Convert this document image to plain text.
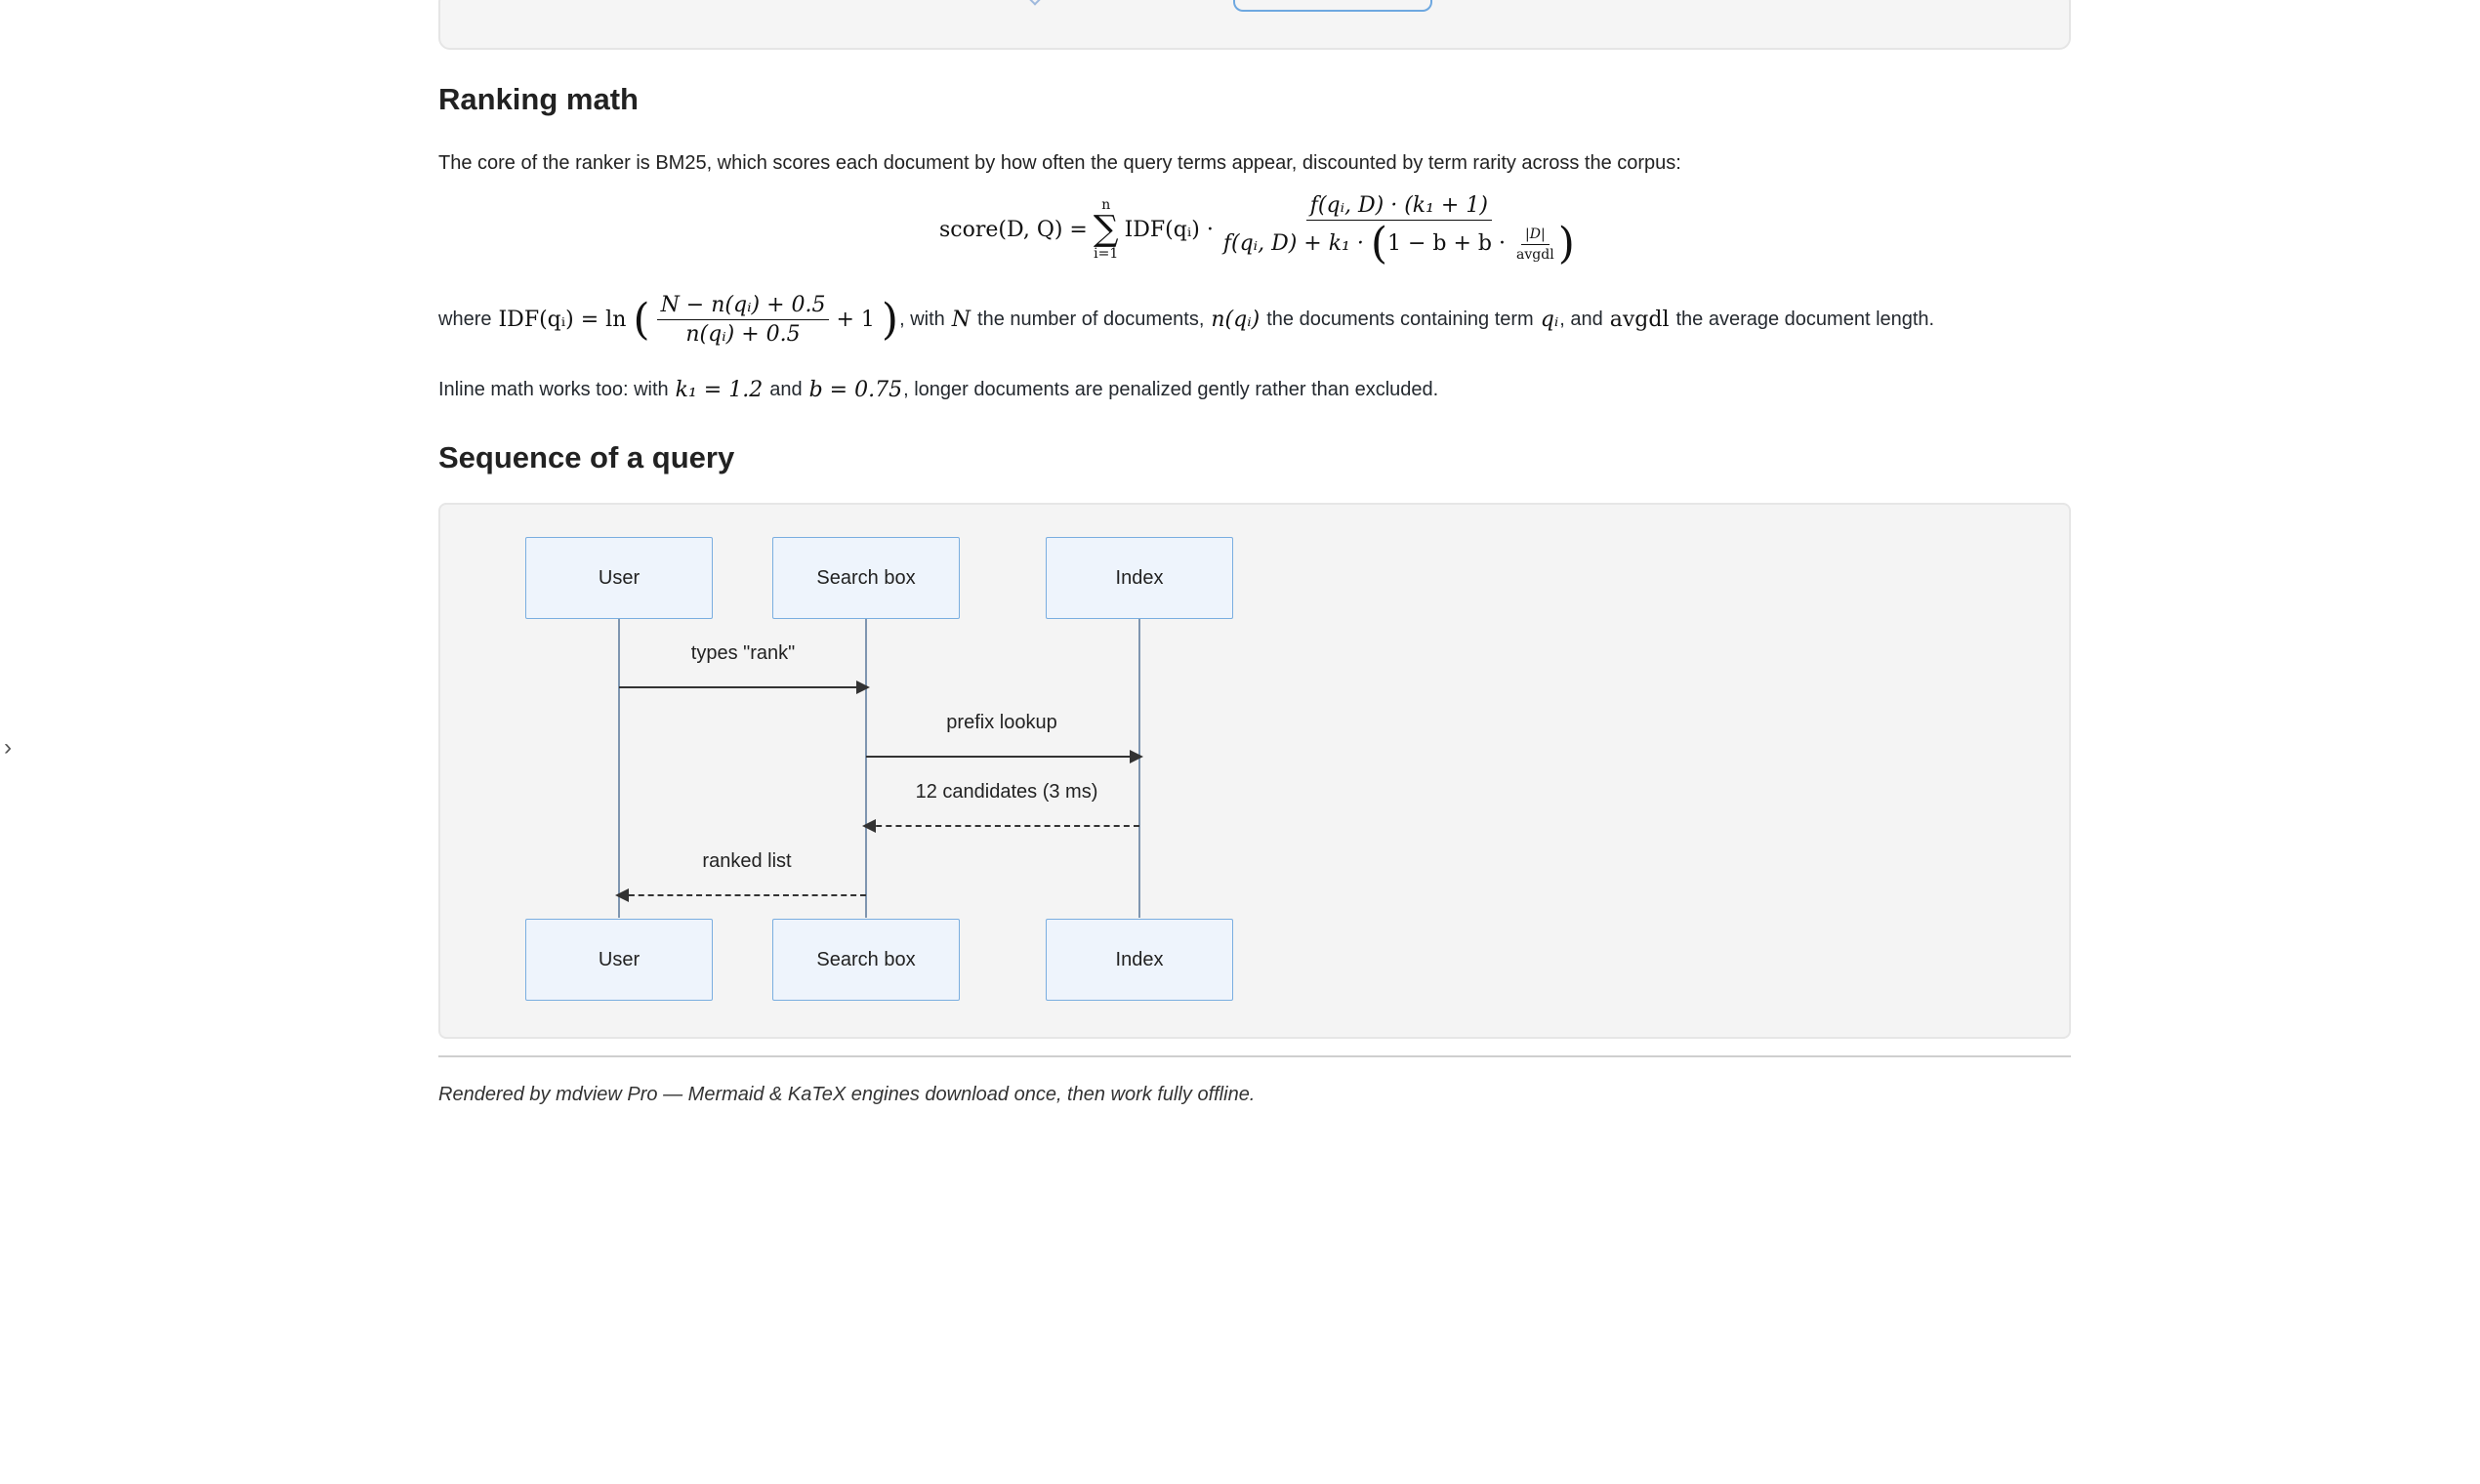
›
Ranking math

The core of the ranker is BM25, which scores each document by how often the query terms appear, discounted by term rarity across the corpus:

score(D, Q) =
n
∑
i=1
IDF(qᵢ) ·
f(qᵢ, D) · (k₁ + 1)
f(qᵢ, $D) + k_1 \cdot (1 - b + b \cdot \frac{|D|}{\text{avgdl}}$ )
where IDF(qᵢ) = ln ( $\frac{\text{N − n(qᵢ) + 0.5}}{\text{n(qᵢ) + 0.5}} + 1$ ) , with N the number of documents, n(qᵢ) the documents containing term qᵢ , and avgdl the average document length.
Inline math works too: with k₁ = 1.2 and b = 0.75 , longer documents are penalized gently rather than excluded.
Sequence of a query
User	Search box	Index
types "rank"
prefix lookup
12 candidates (3 ms)
ranked list
User	Search box	Index

Rendered by mdview Pro — Mermaid & KaTeX engines download once, then work fully offline.
